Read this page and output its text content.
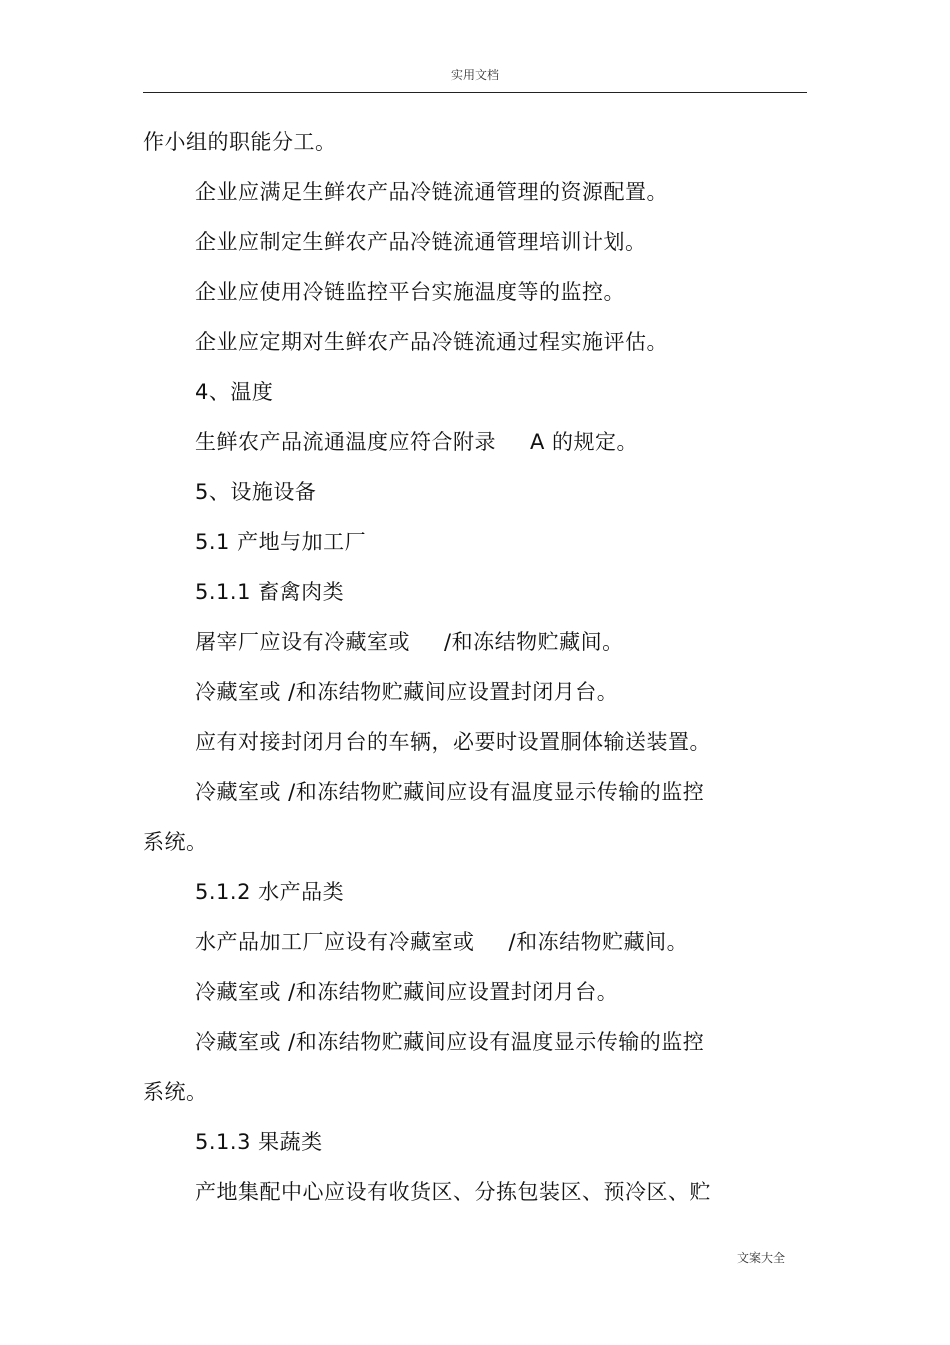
实用文档
作小组的职能分工。
企业应满足生鲜农产品冷链流通管理的资源配置。
企业应制定生鲜农产品冷链流通管理培训计划。
企业应使用冷链监控平台实施温度等的监控。
企业应定期对生鲜农产品冷链流通过程实施评估。
4、温度
生鲜农产品流通温度应符合附录 A 的规定。
5、设施设备
5.1 产地与加工厂
5.1.1 畜禽肉类
屠宰厂应设有冷藏室或 /和冻结物贮藏间。
冷藏室或 /和冻结物贮藏间应设置封闭月台。
应有对接封闭月台的车辆，必要时设置胴体输送装置。
冷藏室或 /和冻结物贮藏间应设有温度显示传输的监控
系统。
5.1.2 水产品类
水产品加工厂应设有冷藏室或 /和冻结物贮藏间。
冷藏室或 /和冻结物贮藏间应设置封闭月台。
冷藏室或 /和冻结物贮藏间应设有温度显示传输的监控
系统。
5.1.3 果蔬类
产地集配中心应设有收货区、分拣包装区、预冷区、贮
文案大全
